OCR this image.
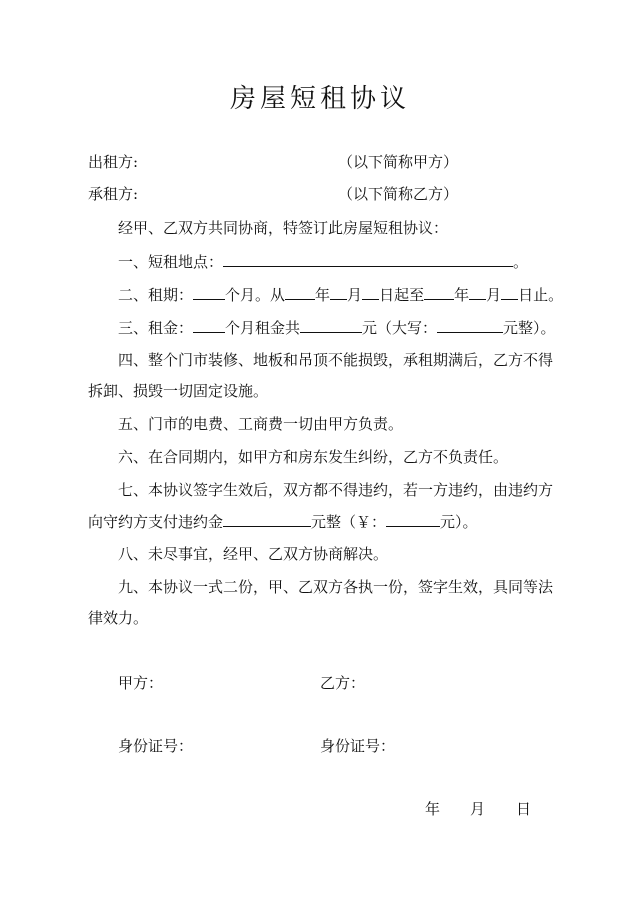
房屋短租协议
出租方:	（以下简称甲方）
承租方:	（以下简称乙方）
经甲、乙双方共同协商，特签订此房屋短租协议：
一、短租地点：	。
二、租期： 个月。从 年 月 日起至 年 月 日止。
三、租金： 个月租金共	元（大写：	元整）。
四、整个门市装修、地板和吊顶不能损毁，承租期满后，乙方不得
拆卸、损毁一切固定设施。
五、门市的电费、工商费一切由甲方负责。
六、在合同期内，如甲方和房东发生纠纷，乙方不负责任。
七、本协议签字生效后，双方都不得违约，若一方违约，由违约方
向守约方支付违约金	元整（￥：	元）。
八、未尽事宜，经甲、乙双方协商解决。
九、本协议一式二份，甲、乙双方各执一份，签字生效，具同等法
律效力。
甲方：	乙方：
身份证号：	身份证号：
年 月 日
